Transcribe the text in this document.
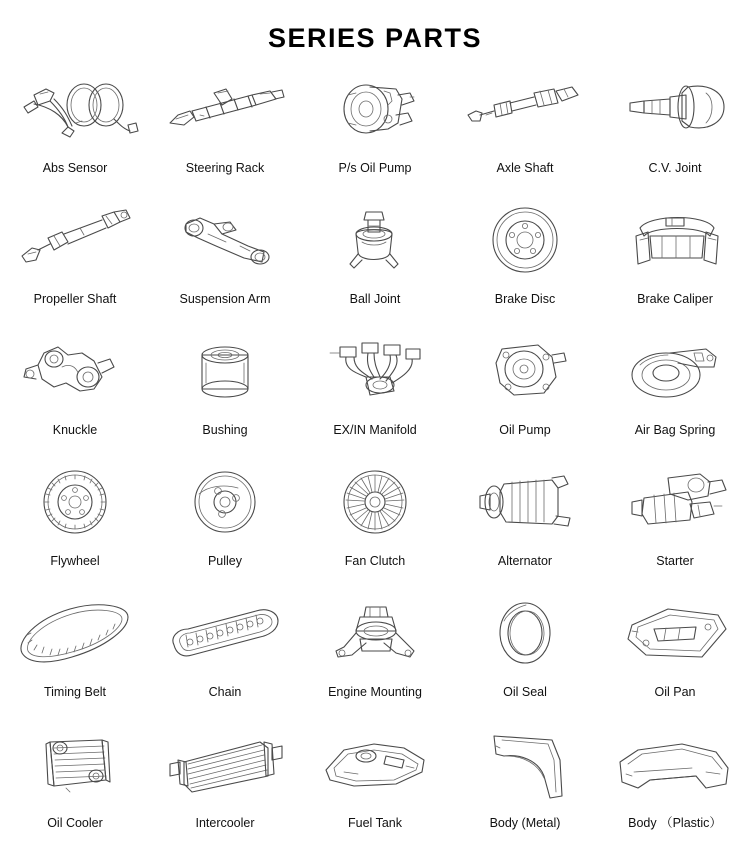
SERIES PARTS
Abs Sensor	Steering Rack	P/s Oil Pump	Axle Shaft	C.V. Joint
Propeller Shaft	Suspension Arm	Ball Joint	Brake Disc	Brake Caliper
Knuckle	Bushing	EX/IN Manifold	Oil Pump	Air Bag Spring
Flywheel	Pulley	Fan Clutch	Alternator	Starter
Timing Belt	Chain	Engine Mounting	Oil Seal	Oil Pan
Oil Cooler	Intercooler	Fuel Tank	Body (Metal)	Body （Plastic）
